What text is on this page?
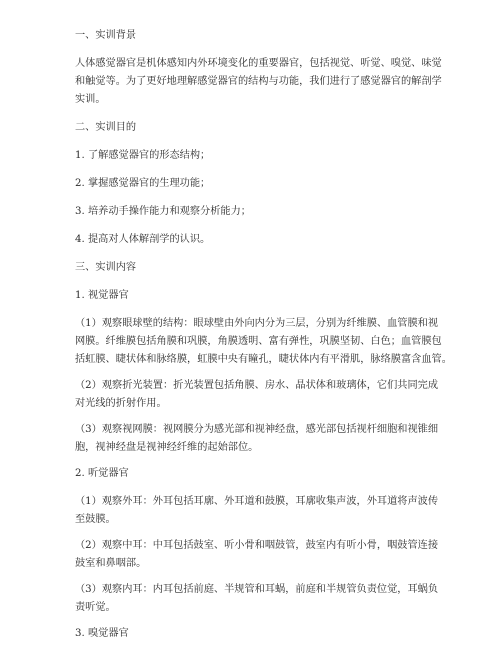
一、实训背景

人体感觉器官是机体感知内外环境变化的重要器官，包括视觉、听觉、嗅觉、味觉

和触觉等。为了更好地理解感觉器官的结构与功能，我们进行了感觉器官的解剖学

实训。

二、实训目的

1. 了解感觉器官的形态结构；

2. 掌握感觉器官的生理功能；

3. 培养动手操作能力和观察分析能力；

4. 提高对人体解剖学的认识。

三、实训内容

1. 视觉器官

（1）观察眼球壁的结构：眼球壁由外向内分为三层，分别为纤维膜、血管膜和视

网膜。纤维膜包括角膜和巩膜，角膜透明、富有弹性，巩膜坚韧、白色；血管膜包

括虹膜、睫状体和脉络膜，虹膜中央有瞳孔，睫状体内有平滑肌，脉络膜富含血管。

（2）观察折光装置：折光装置包括角膜、房水、晶状体和玻璃体，它们共同完成

对光线的折射作用。

（3）观察视网膜：视网膜分为感光部和视神经盘，感光部包括视杆细胞和视锥细

胞，视神经盘是视神经纤维的起始部位。

2. 听觉器官

（1）观察外耳：外耳包括耳廓、外耳道和鼓膜，耳廓收集声波，外耳道将声波传

至鼓膜。

（2）观察中耳：中耳包括鼓室、听小骨和咽鼓管，鼓室内有听小骨，咽鼓管连接

鼓室和鼻咽部。

（3）观察内耳：内耳包括前庭、半规管和耳蜗，前庭和半规管负责位觉，耳蜗负

责听觉。

3. 嗅觉器官
